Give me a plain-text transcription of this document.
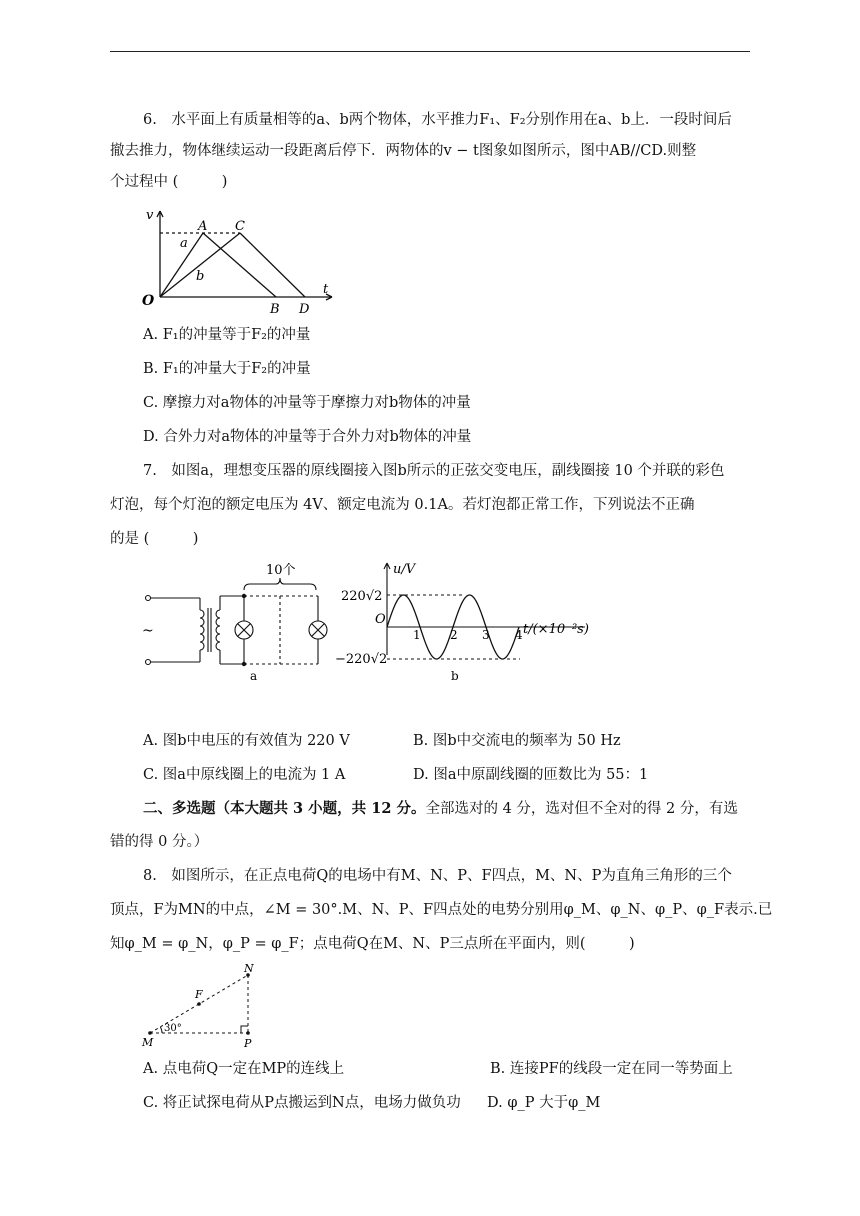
6.　水平面上有质量相等的a、b两个物体，水平推力F₁、F₂分别作用在a、b上．一段时间后
撤去推力，物体继续运动一段距离后停下．两物体的v − t图象如图所示，图中AB//CD.则整
个过程中 (　　　)
v
t
O
A C
B D
a
b
A. F₁的冲量等于F₂的冲量
B. F₁的冲量大于F₂的冲量
C. 摩擦力对a物体的冲量等于摩擦力对b物体的冲量
D. 合外力对a物体的冲量等于合外力对b物体的冲量
7.　如图a，理想变压器的原线圈接入图b所示的正弦交变电压，副线圈接 10 个并联的彩色
灯泡，每个灯泡的额定电压为 4V、额定电流为 0.1A。若灯泡都正常工作，下列说法不正确
的是 (　　　)
10个
~
a
u/V
220√2
−220√2
O
1 2 3 4 t/(×10⁻²s)
b
A. 图b中电压的有效值为 220 V	B. 图b中交流电的频率为 50 Hz
C. 图a中原线圈上的电流为 1 A	D. 图a中原副线圈的匝数比为 55：1
二、多选题（本大题共 3 小题，共 12 分。全部选对的 4 分，选对但不全对的得 2 分，有选
错的得 0 分。）
8.　如图所示，在正点电荷Q的电场中有M、N、P、F四点，M、N、P为直角三角形的三个
顶点，F为MN的中点，∠M = 30°.M、N、P、F四点处的电势分别用φ_M、φ_N、φ_P、φ_F表示.已
知φ_M = φ_N，φ_P = φ_F；点电荷Q在M、N、P三点所在平面内，则(　　　)
M
N
P
F
30°
A. 点电荷Q一定在MP的连线上	B. 连接PF的线段一定在同一等势面上
C. 将正试探电荷从P点搬运到N点，电场力做负功 D. φ_P 大于φ_M
